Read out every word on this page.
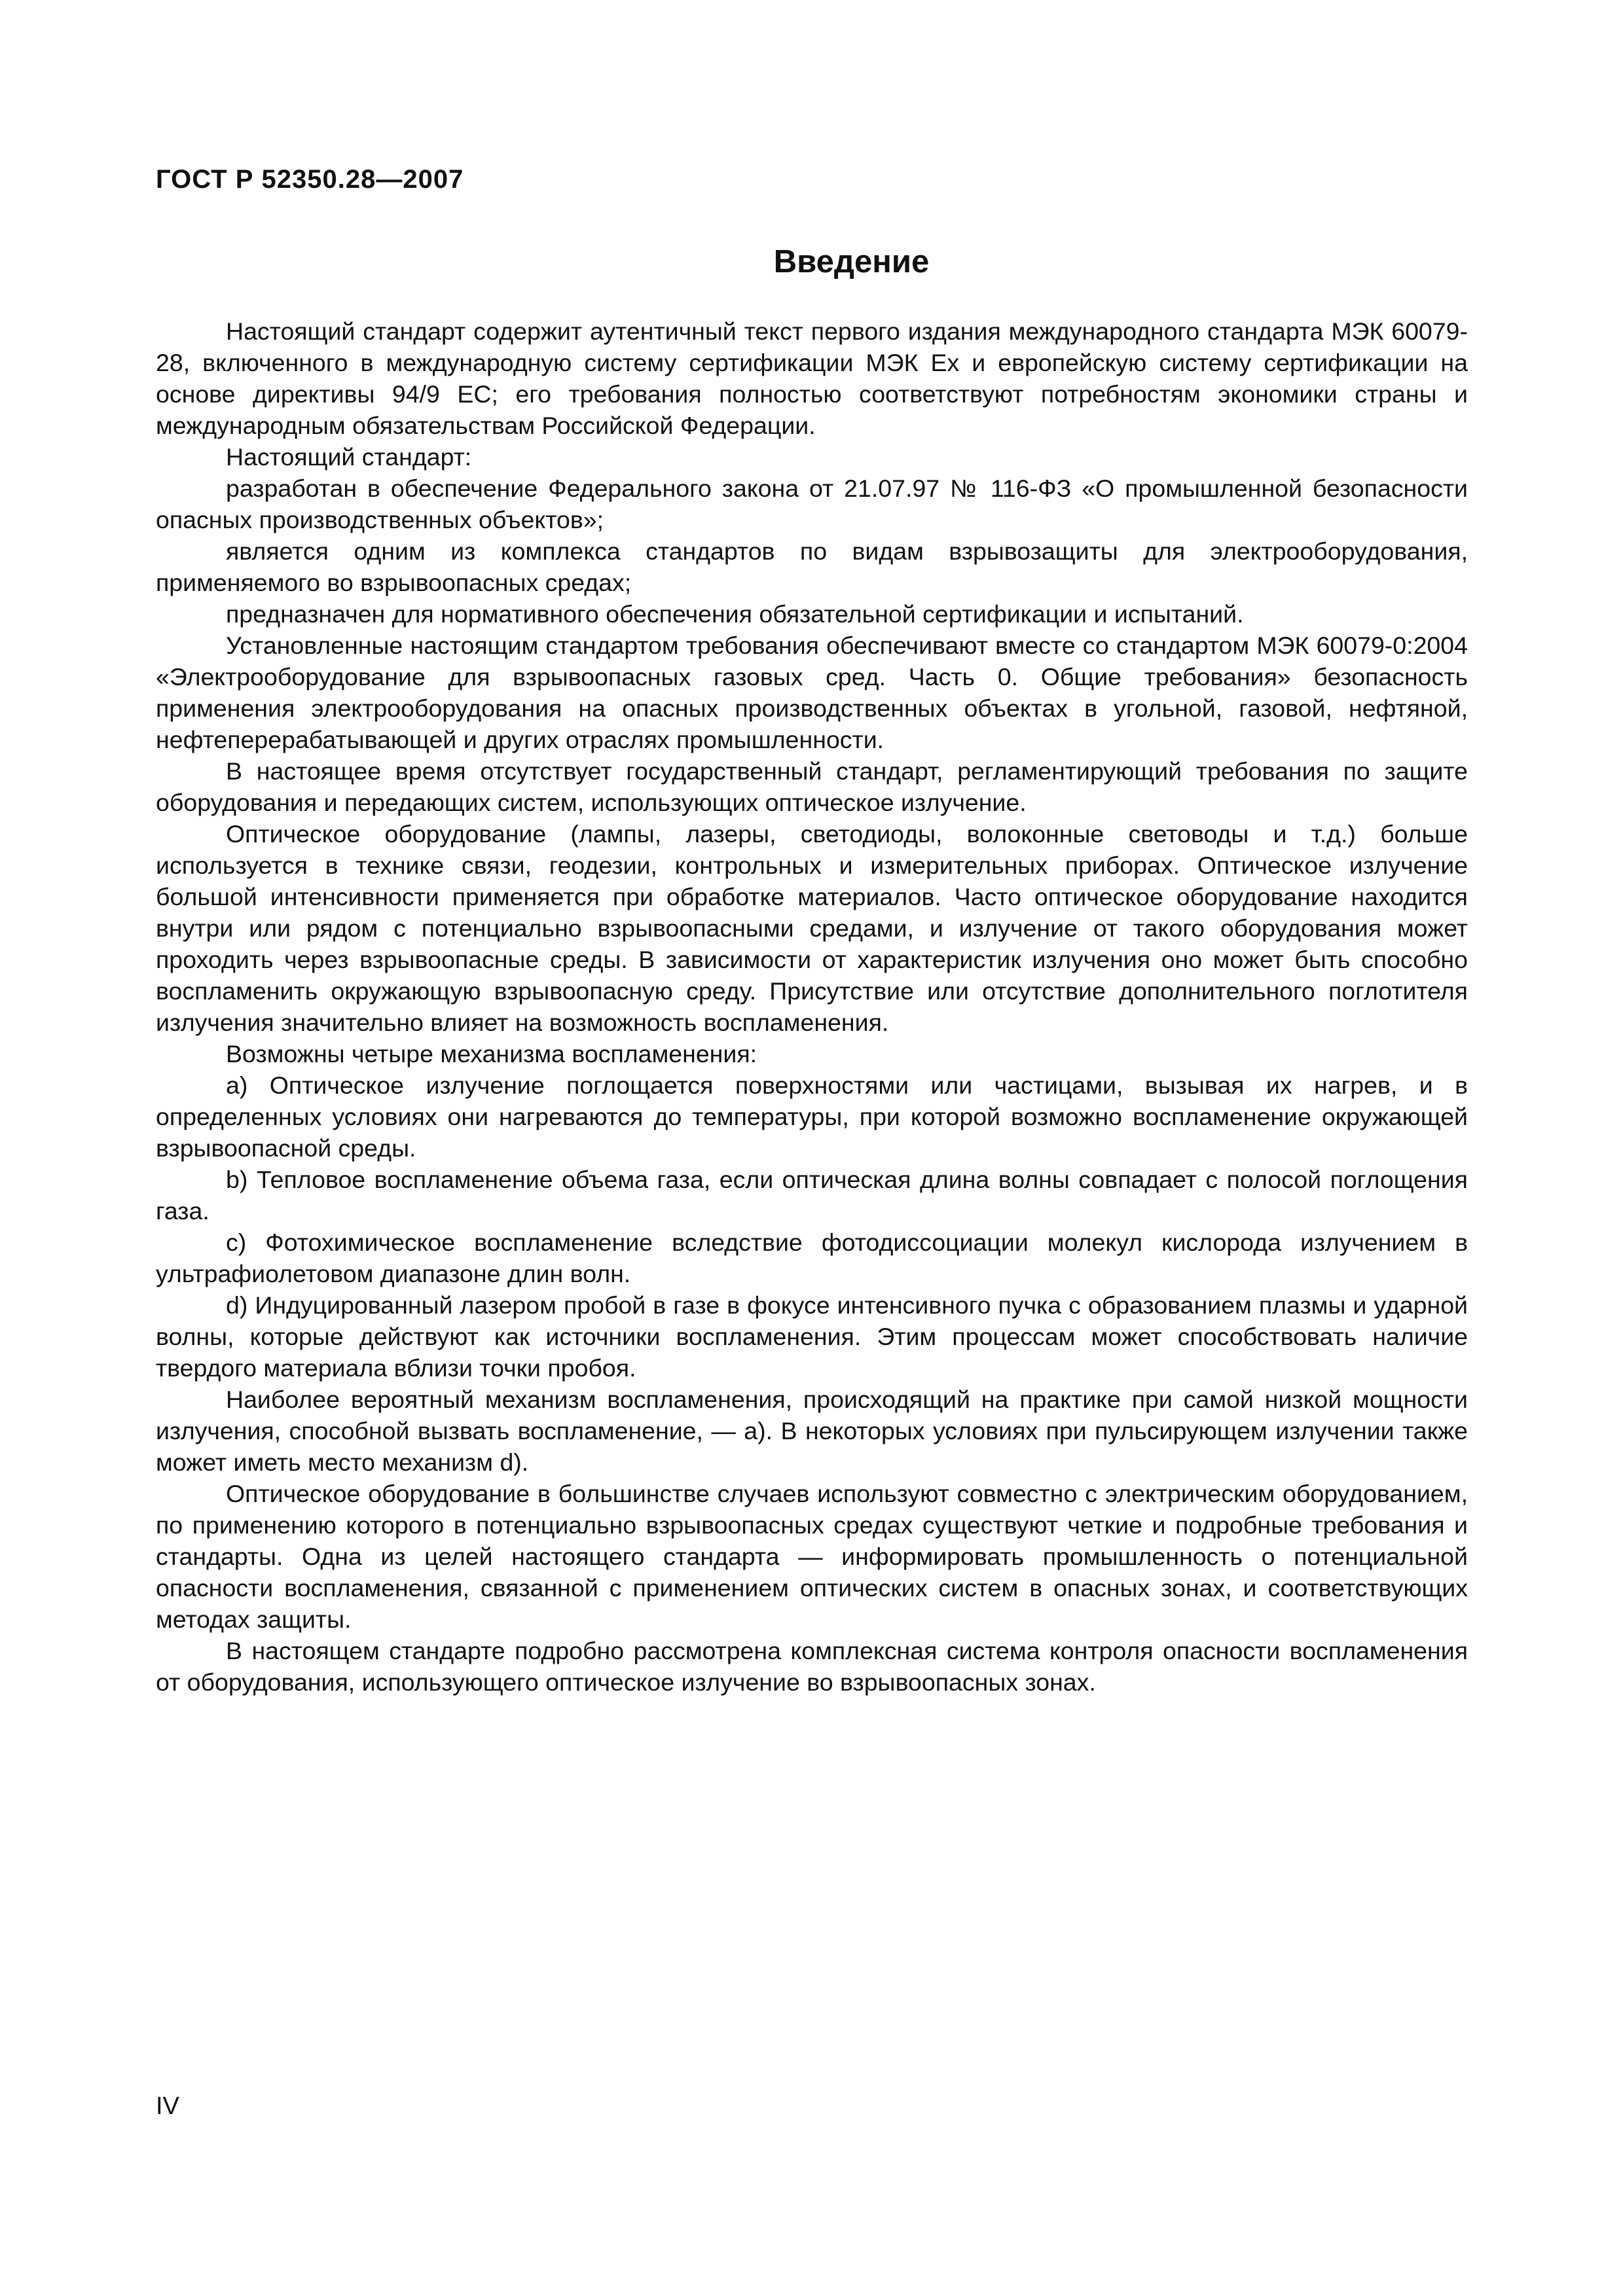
ГОСТ Р 52350.28—2007
Введение

Настоящий стандарт содержит аутентичный текст первого издания международного стандарта МЭК 60079-28, включенного в международную систему сертификации МЭК Ex и европейскую систему сертификации на основе директивы 94/9 ЕС; его требования полностью соответствуют потребностям экономики страны и международным обязательствам Российской Федерации.

Настоящий стандарт:

разработан в обеспечение Федерального закона от 21.07.97 № 116-ФЗ «О промышленной безопасности опасных производственных объектов»;

является одним из комплекса стандартов по видам взрывозащиты для электрооборудования, применяемого во взрывоопасных средах;

предназначен для нормативного обеспечения обязательной сертификации и испытаний.

Установленные настоящим стандартом требования обеспечивают вместе со стандартом МЭК 60079-0:2004 «Электрооборудование для взрывоопасных газовых сред. Часть 0. Общие требования» безопасность применения электрооборудования на опасных производственных объектах в угольной, газовой, нефтяной, нефтеперерабатывающей и других отраслях промышленности.

В настоящее время отсутствует государственный стандарт, регламентирующий требования по защите оборудования и передающих систем, использующих оптическое излучение.

Оптическое оборудование (лампы, лазеры, светодиоды, волоконные световоды и т.д.) больше используется в технике связи, геодезии, контрольных и измерительных приборах. Оптическое излучение большой интенсивности применяется при обработке материалов. Часто оптическое оборудование находится внутри или рядом с потенциально взрывоопасными средами, и излучение от такого оборудования может проходить через взрывоопасные среды. В зависимости от характеристик излучения оно может быть способно воспламенить окружающую взрывоопасную среду. Присутствие или отсутствие дополнительного поглотителя излучения значительно влияет на возможность воспламенения.

Возможны четыре механизма воспламенения:

a) Оптическое излучение поглощается поверхностями или частицами, вызывая их нагрев, и в определенных условиях они нагреваются до температуры, при которой возможно воспламенение окружающей взрывоопасной среды.

b) Тепловое воспламенение объема газа, если оптическая длина волны совпадает с полосой поглощения газа.

c) Фотохимическое воспламенение вследствие фотодиссоциации молекул кислорода излучением в ультрафиолетовом диапазоне длин волн.

d) Индуцированный лазером пробой в газе в фокусе интенсивного пучка с образованием плазмы и ударной волны, которые действуют как источники воспламенения. Этим процессам может способствовать наличие твердого материала вблизи точки пробоя.

Наиболее вероятный механизм воспламенения, происходящий на практике при самой низкой мощности излучения, способной вызвать воспламенение, — a). В некоторых условиях при пульсирующем излучении также может иметь место механизм d).

Оптическое оборудование в большинстве случаев используют совместно с электрическим оборудованием, по применению которого в потенциально взрывоопасных средах существуют четкие и подробные требования и стандарты. Одна из целей настоящего стандарта — информировать промышленность о потенциальной опасности воспламенения, связанной с применением оптических систем в опасных зонах, и соответствующих методах защиты.

В настоящем стандарте подробно рассмотрена комплексная система контроля опасности воспламенения от оборудования, использующего оптическое излучение во взрывоопасных зонах.

IV
